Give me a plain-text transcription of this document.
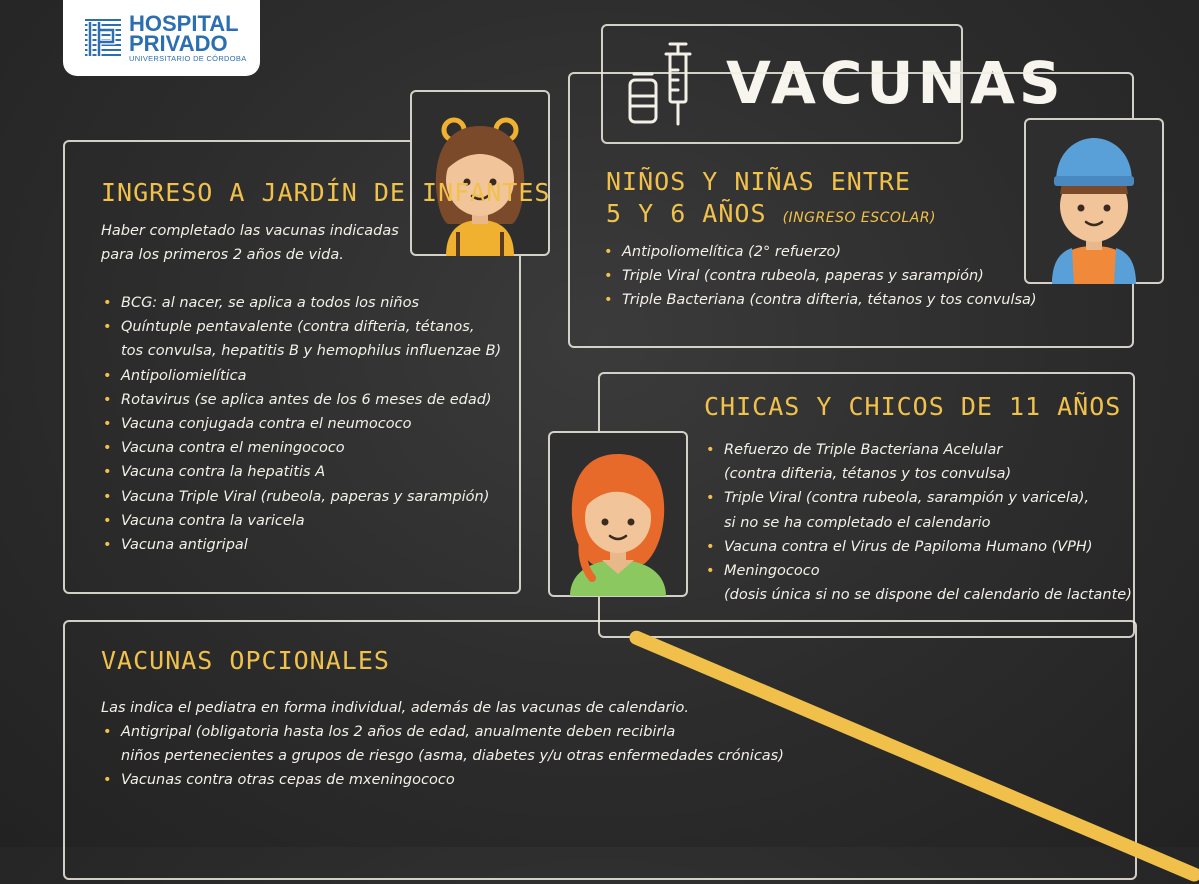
HOSPITAL
PRIVADO
UNIVERSITARIO DE CÓRDOBA	VACUNAS
INGRESO A JARDÍN DE INFANTES

Haber completado las vacunas indicadas
para los primeros 2 años de vida.

• BCG: al nacer, se aplica a todos los niños
• Quíntuple pentavalente (contra difteria, tétanos,
tos convulsa, hepatitis B y hemophilus influenzae B)
• Antipoliomielítica
• Rotavirus (se aplica antes de los 6 meses de edad)
• Vacuna conjugada contra el neumococo
• Vacuna contra el meningococo
• Vacuna contra la hepatitis A
• Vacuna Triple Viral (rubeola, paperas y sarampión)
• Vacuna contra la varicela
• Vacuna antigripal
NIÑOS Y NIÑAS ENTRE
5 Y 6 AÑOS (INGRESO ESCOLAR)
• Antipoliomelítica (2° refuerzo)
• Triple Viral (contra rubeola, paperas y sarampión)
• Triple Bacteriana (contra difteria, tétanos y tos convulsa)
CHICAS Y CHICOS DE 11 AÑOS
• Refuerzo de Triple Bacteriana Acelular
(contra difteria, tétanos y tos convulsa)
• Triple Viral (contra rubeola, sarampión y varicela),
si no se ha completado el calendario
• Vacuna contra el Virus de Papiloma Humano (VPH)
• Meningococo
(dosis única si no se dispone del calendario de lactante)
VACUNAS OPCIONALES

Las indica el pediatra en forma individual, además de las vacunas de calendario.

• Antigripal (obligatoria hasta los 2 años de edad, anualmente deben recibirla
niños pertenecientes a grupos de riesgo (asma, diabetes y/u otras enfermedades crónicas)
• Vacunas contra otras cepas de mxeningococo
